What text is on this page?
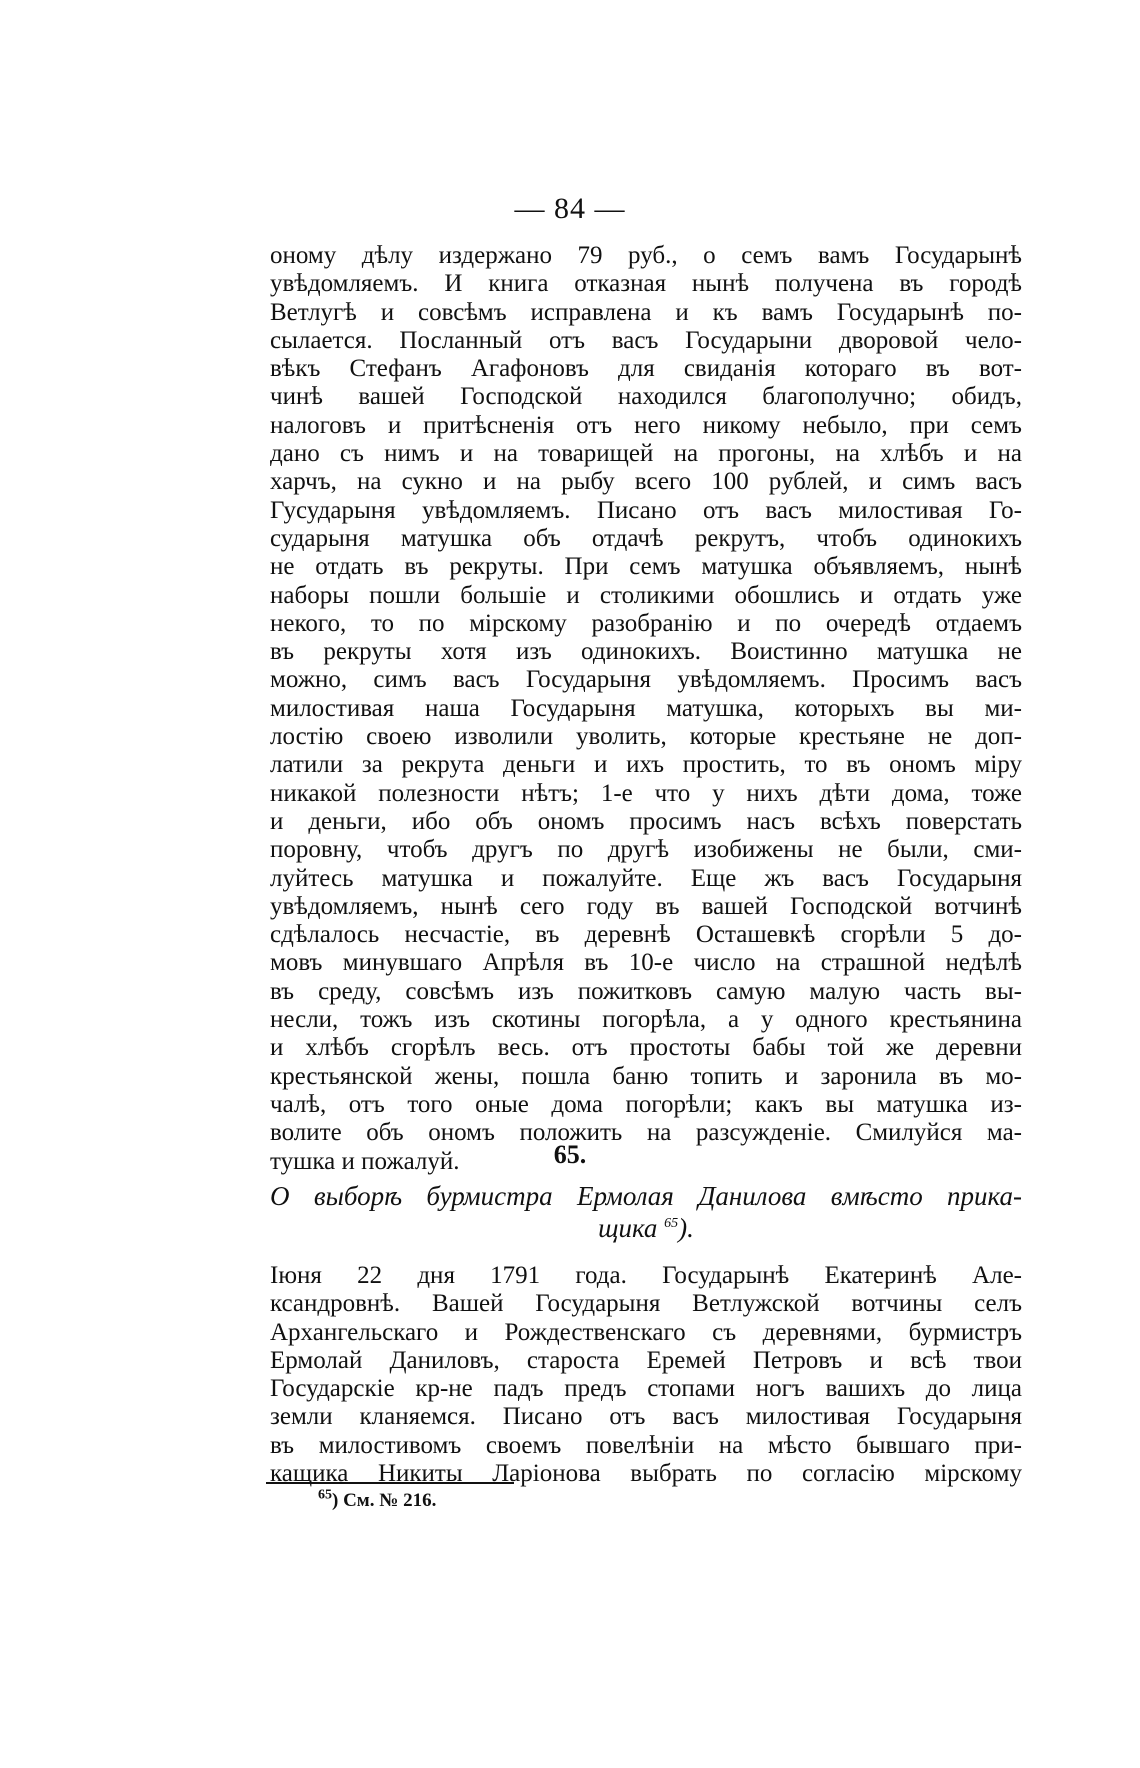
— 84 —
оному дѣлу издержано 79 руб., о семъ вамъ Государынѣ
увѣдомляемъ. И книга отказная нынѣ получена въ городѣ
Ветлугѣ и совсѣмъ исправлена и къ вамъ Государынѣ по-
сылается. Посланный отъ васъ Государыни дворовой чело-
вѣкъ Стефанъ Агафоновъ для свиданія котораго въ вот-
чинѣ вашей Господской находился благополучно; обидъ,
налоговъ и притѣсненія отъ него никому небыло, при семъ
дано съ нимъ и на товарищей на прогоны, на хлѣбъ и на
харчъ, на сукно и на рыбу всего 100 рублей, и симъ васъ
Гусударыня увѣдомляемъ. Писано отъ васъ милостивая Го-
сударыня матушка объ отдачѣ рекрутъ, чтобъ одинокихъ
не отдать въ рекруты. При семъ матушка объявляемъ, нынѣ
наборы пошли большіе и столикими обошлись и отдать уже
некого, то по мірскому разобранію и по очередѣ отдаемъ
въ рекруты хотя изъ одинокихъ. Воистинно матушка не
можно, симъ васъ Государыня увѣдомляемъ. Просимъ васъ
милостивая наша Государыня матушка, которыхъ вы ми-
лостію своею изволили уволить, которые крестьяне не доп-
латили за рекрута деньги и ихъ простить, то въ ономъ міру
никакой полезности нѣтъ; 1-е что у нихъ дѣти дома, тоже
и деньги, ибо объ ономъ просимъ насъ всѣхъ поверстать
поровну, чтобъ другъ по другѣ изобижены не были, сми-
луйтесь матушка и пожалуйте. Еще жъ васъ Государыня
увѣдомляемъ, нынѣ сего году въ вашей Господской вотчинѣ
сдѣлалось несчастіе, въ деревнѣ Осташевкѣ сгорѣли 5 до-
мовъ минувшаго Апрѣля въ 10-е число на страшной недѣлѣ
въ среду, совсѣмъ изъ пожитковъ самую малую часть вы-
несли, тожъ изъ скотины погорѣла, а у одного крестьянина
и хлѣбъ сгорѣлъ весь. отъ простоты бабы той же деревни
крестьянской жены, пошла баню топить и заронила въ мо-
чалѣ, отъ того оные дома погорѣли; какъ вы матушка из-
волите объ ономъ положить на разсужденіе. Смилуйся ма-
тушка и пожалуй.	65.
О выборѣ бурмистра Ермолая Данилова вмѣсто прика-
щика $^{65}$).
Іюня 22 дня 1791 года. Государынѣ Екатеринѣ Але-
ксандровнѣ. Вашей Государыня Ветлужской вотчины селъ
Архангельскаго и Рождественскаго съ деревнями, бурмистръ
Ермолай Даниловъ, староста Еремей Петровъ и всѣ твои
Государскіе кр-не падъ предъ стопами ногъ вашихъ до лица
земли кланяемся. Писано отъ васъ милостивая Государыня
въ милостивомъ своемъ повелѣніи на мѣсто бывшаго при-
кащика Никиты Ларіонова выбрать по согласію мірскому
$^{65}$) См. № 216.
